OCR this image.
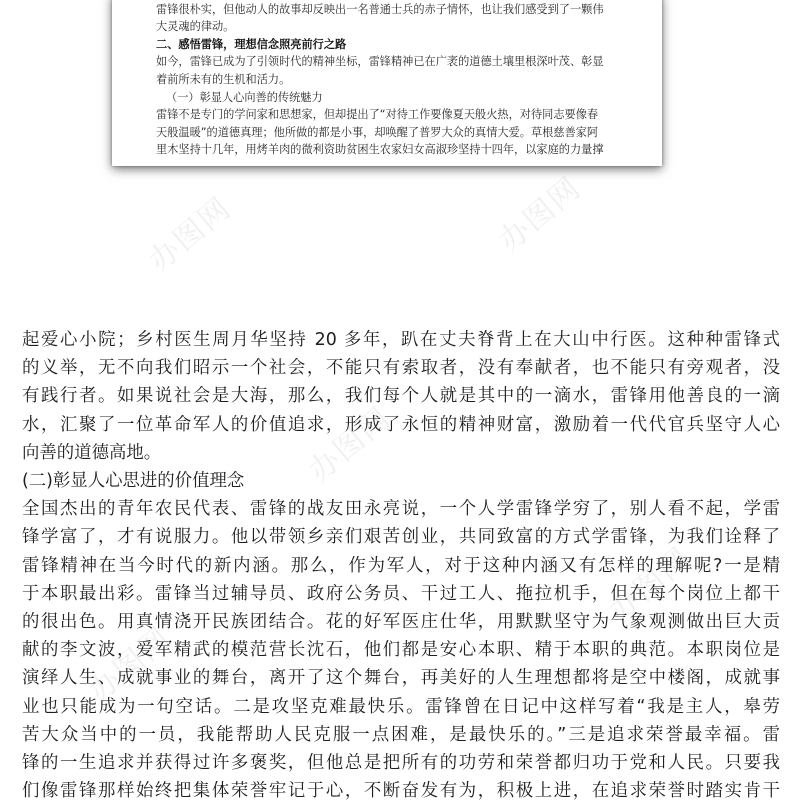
雷锋很朴实，但他动人的故事却反映出一名普通士兵的赤子情怀，也让我们感受到了一颗伟

大灵魂的律动。

二、感悟雷锋，理想信念照亮前行之路

如今，雷锋已成为了引领时代的精神坐标，雷锋精神已在广袤的道德土壤里根深叶茂、彰显

着前所未有的生机和活力。

（一）彰显人心向善的传统魅力

雷锋不是专门的学问家和思想家，但却提出了“对待工作要像夏天般火热，对待同志要像春

天般温暖”的道德真理；他所做的都是小事，却唤醒了普罗大众的真情大爱。草根慈善家阿

里木坚持十几年，用烤羊肉的微利资助贫困生农家妇女高淑珍坚持十四年，以家庭的力量撑

办图网	办图网
办图网
办图网
办图网

起爱心小院；乡村医生周月华坚持 20 多年，趴在丈夫脊背上在大山中行医。这种种雷锋式

的义举，无不向我们昭示一个社会，不能只有索取者，没有奉献者，也不能只有旁观者，没

有践行者。如果说社会是大海，那么，我们每个人就是其中的一滴水，雷锋用他善良的一滴

水，汇聚了一位革命军人的价值追求，形成了永恒的精神财富，激励着一代代官兵坚守人心

向善的道德高地。

(二)彰显人心思进的价值理念

全国杰出的青年农民代表、雷锋的战友田永亮说，一个人学雷锋学穷了，别人看不起，学雷

锋学富了，才有说服力。他以带领乡亲们艰苦创业，共同致富的方式学雷锋，为我们诠释了

雷锋精神在当今时代的新内涵。那么，作为军人，对于这种内涵又有怎样的理解呢?一是精

于本职最出彩。雷锋当过辅导员、政府公务员、干过工人、拖拉机手，但在每个岗位上都干

的很出色。用真情浇开民族团结合。花的好军医庄仕华，用默默坚守为气象观测做出巨大贡

献的李文波，爱军精武的模范营长沈石，他们都是安心本职、精于本职的典范。本职岗位是

演绎人生、成就事业的舞台，离开了这个舞台，再美好的人生理想都将是空中楼阁，成就事

业也只能成为一句空话。二是攻坚克难最快乐。雷锋曾在日记中这样写着“我是主人，皋劳

苦大众当中的一员，我能帮助人民克服一点困难，是最快乐的。”三是追求荣誉最幸福。雷

锋的一生追求并获得过许多褒奖，但他总是把所有的功劳和荣誉都归功于党和人民。只要我

们像雷锋那样始终把集体荣誉牢记于心，不断奋发有为，积极上进，在追求荣誉时踏实肯干
